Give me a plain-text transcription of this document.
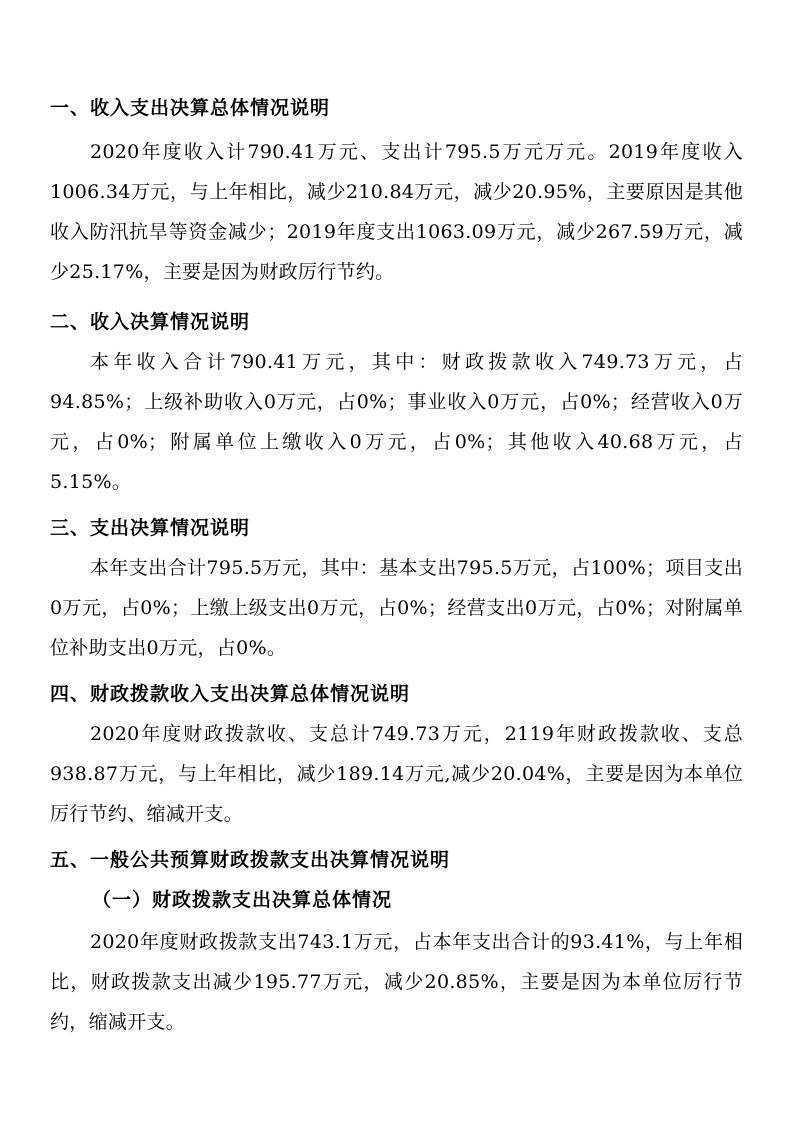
一、收入支出决算总体情况说明
2020年度收入计790.41万元、支出计795.5万元万元。2019年度收入1006.34万元，与上年相比，减少210.84万元，减少20.95%，主要原因是其他收入防汛抗旱等资金减少；2019年度支出1063.09万元，减少267.59万元，减少25.17%，主要是因为财政厉行节约。
二、收入决算情况说明
本年收入合计790.41万元，其中：财政拨款收入749.73万元，占94.85%；上级补助收入0万元，占0%；事业收入0万元，占0%；经营收入0万元，占0%；附属单位上缴收入0万元，占0%；其他收入40.68万元，占5.15%。
三、支出决算情况说明
本年支出合计795.5万元，其中：基本支出795.5万元，占100%；项目支出0万元，占0%；上缴上级支出0万元，占0%；经营支出0万元，占0%；对附属单位补助支出0万元，占0%。
四、财政拨款收入支出决算总体情况说明
2020年度财政拨款收、支总计749.73万元，2119年财政拨款收、支总938.87万元，与上年相比，减少189.14万元,减少20.04%，主要是因为本单位厉行节约、缩减开支。
五、一般公共预算财政拨款支出决算情况说明
（一）财政拨款支出决算总体情况
2020年度财政拨款支出743.1万元，占本年支出合计的93.41%，与上年相比，财政拨款支出减少195.77万元，减少20.85%，主要是因为本单位厉行节约，缩减开支。
